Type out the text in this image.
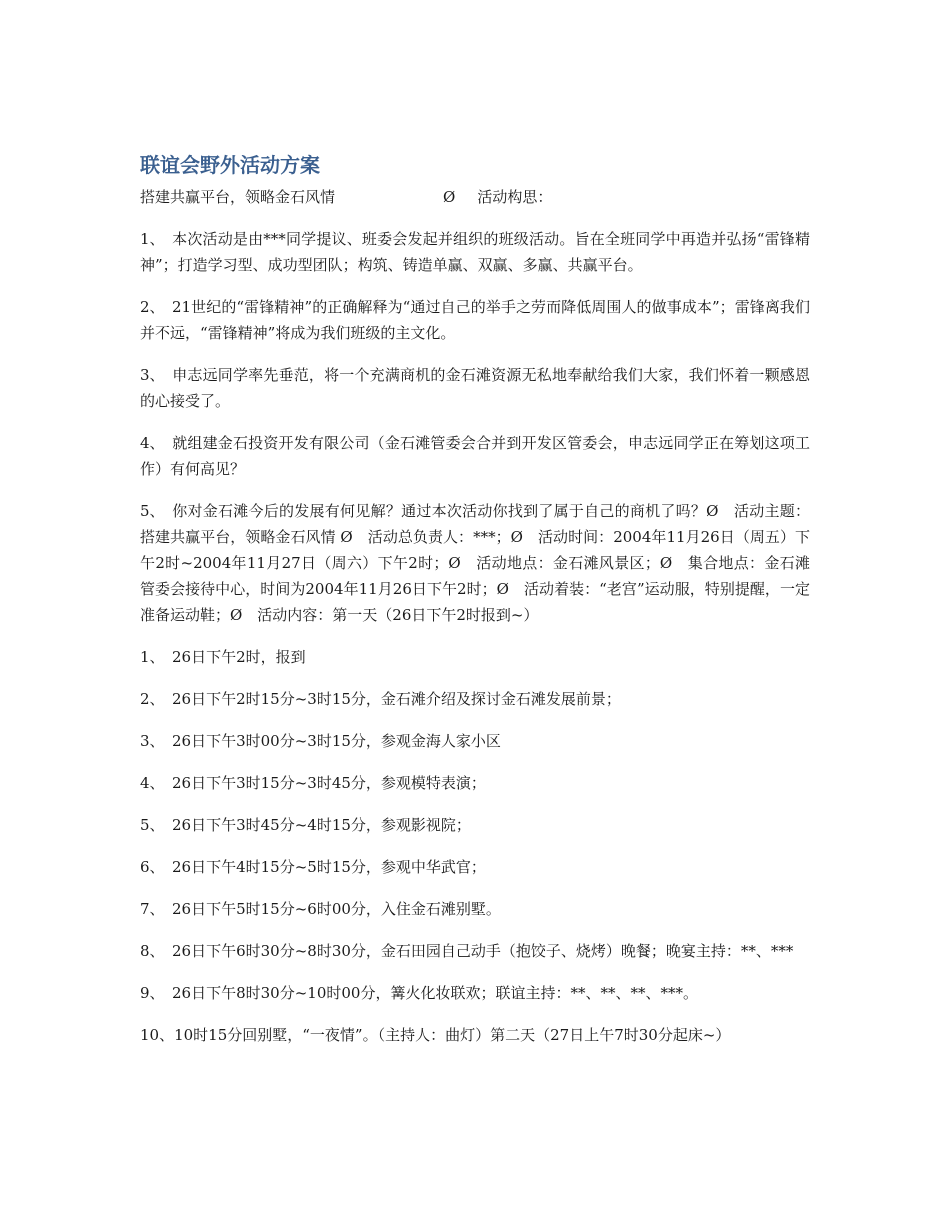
联谊会野外活动方案
搭建共赢平台，领略金石风情	Ø 活动构思：

1、 本次活动是由***同学提议、班委会发起并组织的班级活动。旨在全班同学中再造并弘扬“雷锋精神”；打造学习型、成功型团队；构筑、铸造单赢、双赢、多赢、共赢平台。

2、 21世纪的“雷锋精神”的正确解释为“通过自己的举手之劳而降低周围人的做事成本”；雷锋离我们并不远，“雷锋精神”将成为我们班级的主文化。

3、 申志远同学率先垂范，将一个充满商机的金石滩资源无私地奉献给我们大家，我们怀着一颗感恩的心接受了。

4、 就组建金石投资开发有限公司（金石滩管委会合并到开发区管委会，申志远同学正在筹划这项工作）有何高见？

5、 你对金石滩今后的发展有何见解？通过本次活动你找到了属于自己的商机了吗？Ø　活动主题：搭建共赢平台，领略金石风情 Ø　活动总负责人：***；Ø　活动时间：2004年11月26日（周五）下午2时~2004年11月27日（周六）下午2时；Ø　活动地点：金石滩风景区；Ø　集合地点：金石滩管委会接待中心，时间为2004年11月26日下午2时；Ø　活动着装：“老宫”运动服，特别提醒，一定准备运动鞋；Ø　活动内容：第一天（26日下午2时报到~）

1、 26日下午2时，报到

2、 26日下午2时15分~3时15分，金石滩介绍及探讨金石滩发展前景；

3、 26日下午3时00分~3时15分，参观金海人家小区

4、 26日下午3时15分~3时45分，参观模特表演；

5、 26日下午3时45分~4时15分，参观影视院；

6、 26日下午4时15分~5时15分，参观中华武官；

7、 26日下午5时15分~6时00分，入住金石滩别墅。

8、 26日下午6时30分~8时30分，金石田园自己动手（抱饺子、烧烤）晚餐；晚宴主持：**、***

9、 26日下午8时30分~10时00分，篝火化妆联欢；联谊主持：**、**、**、***。

10、10时15分回别墅，“一夜情”。（主持人：曲灯）第二天（27日上午7时30分起床~）
